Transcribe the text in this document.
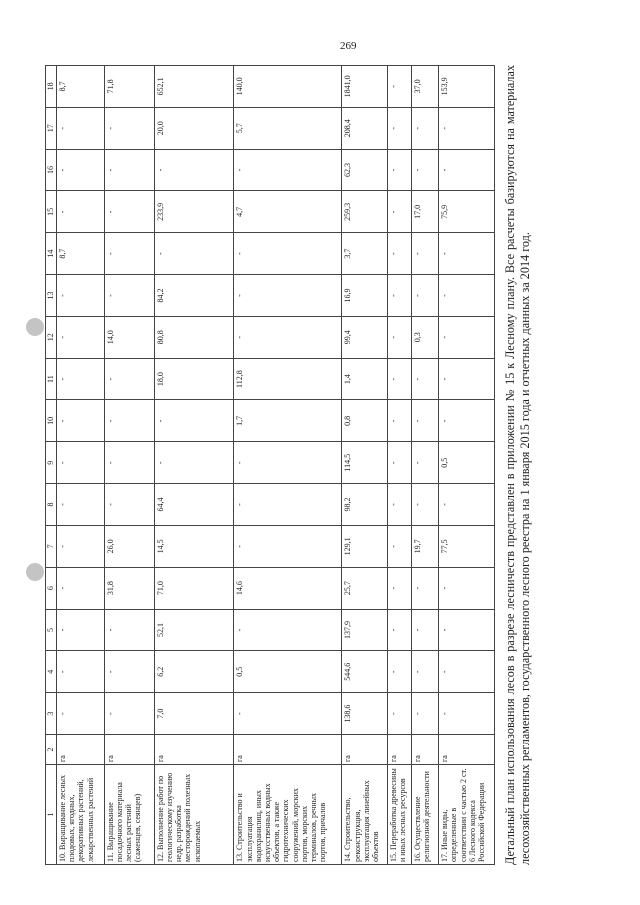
269
1	2	3	4	5	6	7	8	9	10	11	12	13	14	15	16	17	18
10. Выращивание лесных плодовых, ягодных, декоративных растений, лекарственных растений	га	-	-	-	-	-	-	-	-	-	-	-	8,7	-	-	-	8,7
11. Выращивание посадочного материала лесных растений (саженцев, сеянцев)	га	-	-	-	31,8	26,0	-	-	-	-	14,0	-	-	-	-	-	71,8
12. Выполнение работ по геологическому изучению недр, разработка месторождений полезных ископаемых	га	7,0	6,2	52,1	71,0	14,5	64,4	-	-	18,0	80,8	84,2	-	233,9	-	20,0	652,1
13. Строительство и эксплуатация водохранилищ, иных искусственных водных объектов, а также гидротехнических сооружений, морских портов, морских терминалов, речных портов, причалов	га	-	0,5	-	14,6	-	-	-	1,7	112,8	-	-	-	4,7	-	5,7	140,0
14. Строительство, реконструкция, эксплуатация линейных объектов	га	138,6	544,6	137,9	25,7	129,1	98,2	114,5	0,8	1,4	99,4	16,9	3,7	259,3	62,3	208,4	1841,0
15. Переработка древесины и иных лесных ресурсов	га	-	-	-	-	-	-	-	-	-	-	-	-	-	-	-	-
16. Осуществление религиозной деятельности	га	-	-	-	-	19,7	-	-	-	-	0,3	-	-	17,0	-	-	37,0
17. Иные виды, определенные в соответствии с частью 2 ст. 6 Лесного кодекса Российской Федерации	га	-	-	-	-	77,5	-	0,5	-	-	-	-	-	75,9	-	-	153,9	Детальный план использования лесов в разрезе лесничеств представлен в приложении № 15 к Лесному плану. Все расчеты базируются на материалах лесохозяйственных регламентов, государственного лесного реестра на 1 января 2015 года и отчетных данных за 2014 год.
